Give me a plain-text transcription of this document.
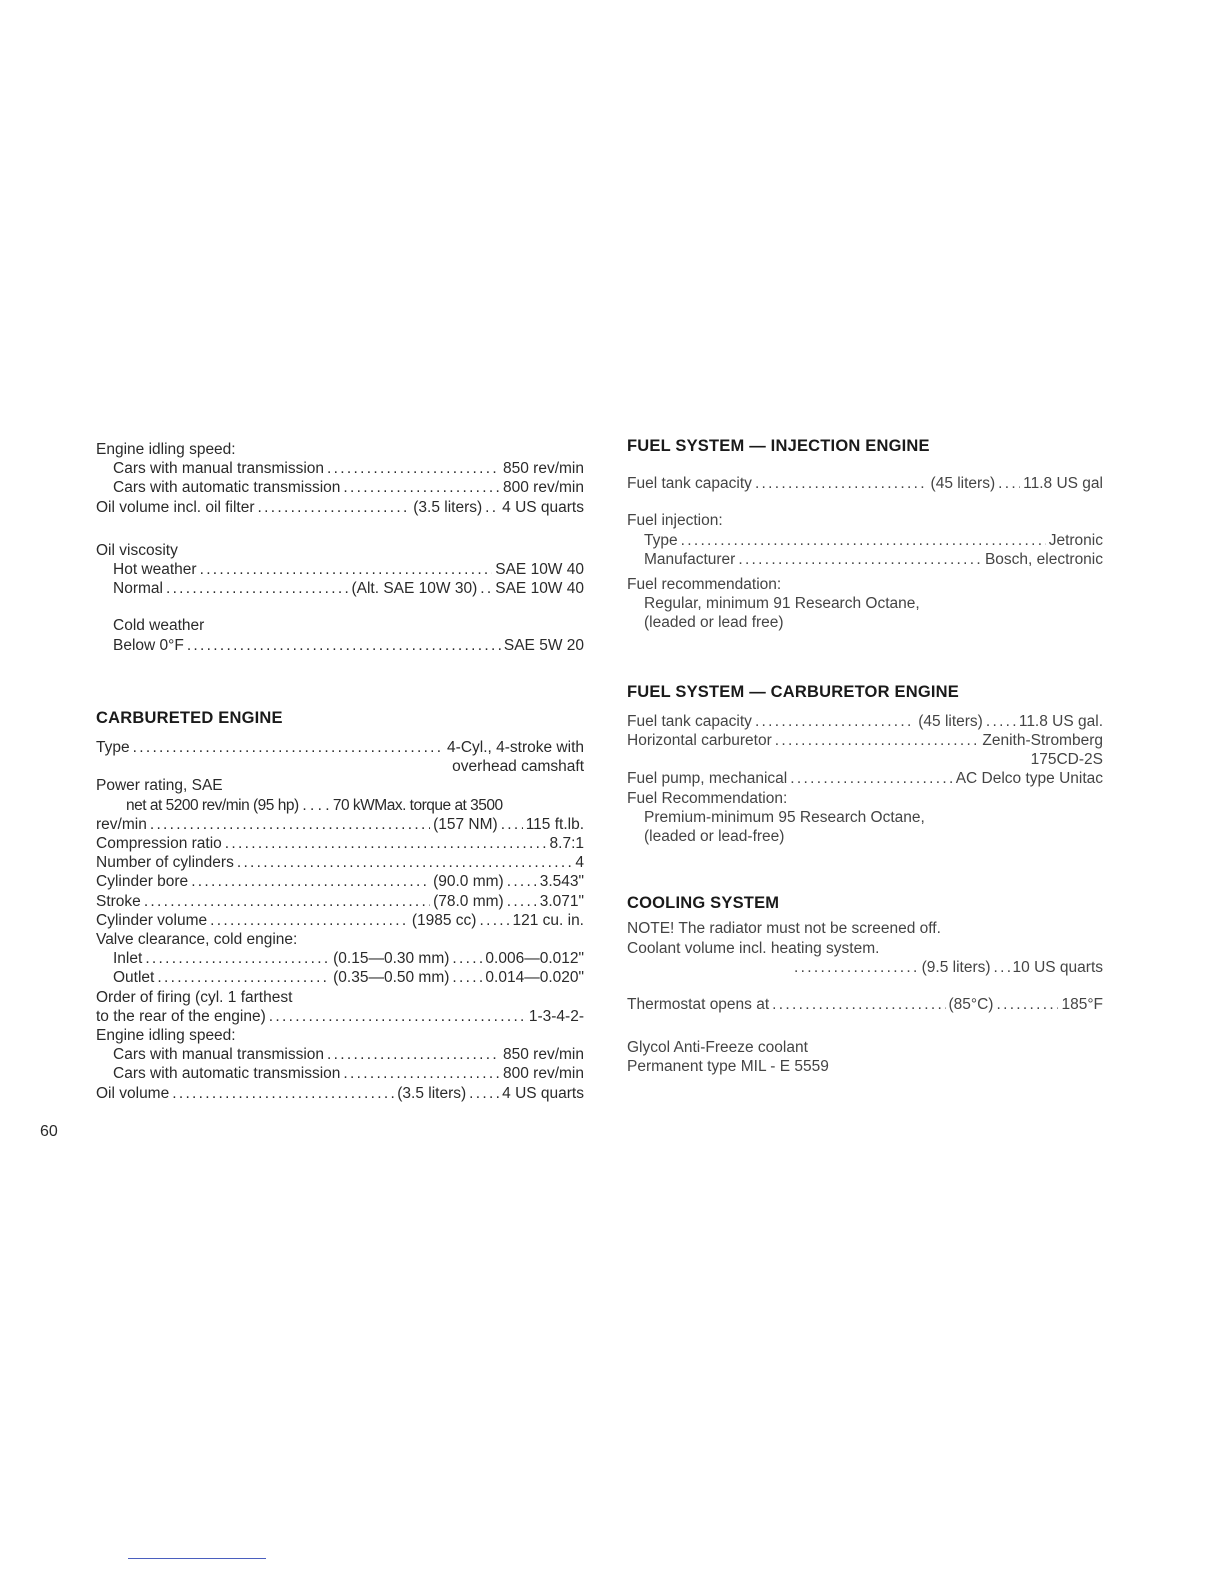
Engine idling speed:
Cars with manual transmission . . .	850 rev/min
Cars with automatic transmission . . .	800 rev/min
Oil volume incl. oil filter . . .	(3.5 liters) . . . 4 US quarts
Oil viscosity
Hot weather . . .	SAE 10W 40
Normal . . .	(Alt. SAE 10W 30) . . . SAE 10W 40
Cold weather
Below 0°F . . .	SAE 5W 20
CARBURETED ENGINE
Type . . .	4-Cyl., 4-stroke with
overhead camshaft
Power rating, SAE
net at 5200 rev/min (95 hp) . . . . 70 kWMax. torque at 3500
rev/min . . .	(157 NM) . . . 115 ft.lb.
Compression ratio . . .	8.7:1
Number of cylinders . . .	4
Cylinder bore . . .	(90.0 mm) . . . 3.543"
Stroke . . .	(78.0 mm) . . . 3.071"
Cylinder volume . . .	(1985 cc) . . . 121 cu. in.
Valve clearance, cold engine:
Inlet . . .	(0.15—0.30 mm) . . . 0.006—0.012"
Outlet . . .	(0.35—0.50 mm) . . . 0.014—0.020"
Order of firing (cyl. 1 farthest
to the rear of the engine) . . .	1-3-4-2-
Engine idling speed:
Cars with manual transmission . . .	850 rev/min
Cars with automatic transmission . . .	800 rev/min
Oil volume . . .	(3.5 liters) . . . 4 US quarts
FUEL SYSTEM — INJECTION ENGINE
Fuel tank capacity . . .	(45 liters) . . . 11.8 US gal
Fuel injection:
Type . . .	Jetronic
Manufacturer . . .	Bosch, electronic
Fuel recommendation:
Regular, minimum 91 Research Octane,
(leaded or lead free)
FUEL SYSTEM — CARBURETOR ENGINE
Fuel tank capacity . . .	(45 liters) . . . 11.8 US gal.
Horizontal carburetor . . .	Zenith-Stromberg
175CD-2S
Fuel pump, mechanical . . .	AC Delco type Unitac
Fuel Recommendation:
Premium-minimum 95 Research Octane,
(leaded or lead-free)
COOLING SYSTEM
NOTE! The radiator must not be screened off.
Coolant volume incl. heating system.
. . .
(9.5 liters) . . . 10 US quarts
Thermostat opens at . . .	(85°C) . . .	185°F
Glycol Anti-Freeze coolant
Permanent type MIL - E 5559
60
